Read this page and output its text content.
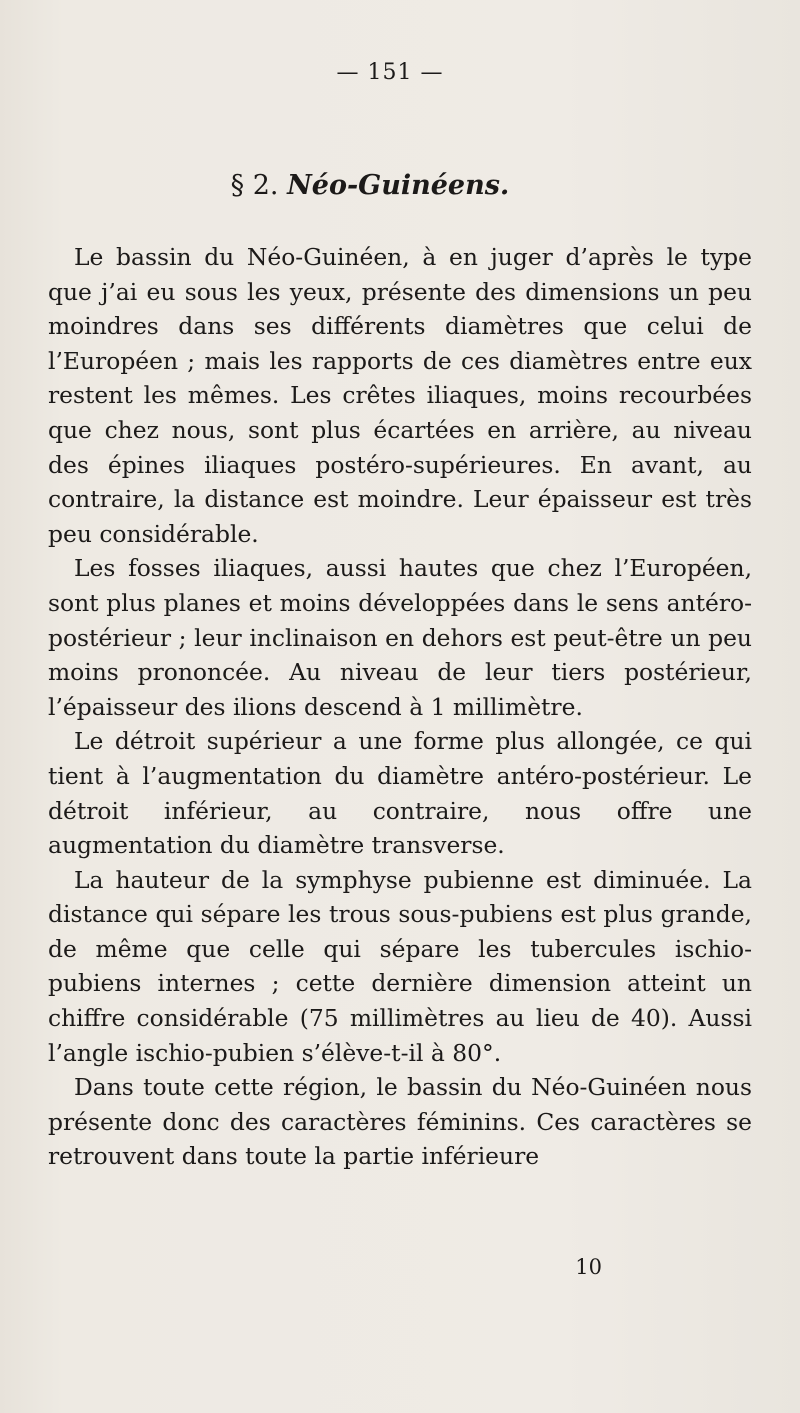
— 151 —
§ 2. Néo-Guinéens.

Le bassin du Néo-Guinéen, à en juger d’après le type que j’ai eu sous les yeux, présente des dimensions un peu moindres dans ses différents diamètres que celui de l’Européen ; mais les rapports de ces diamètres entre eux restent les mêmes. Les crêtes iliaques, moins recourbées que chez nous, sont plus écartées en arrière, au niveau des épines iliaques postéro-supérieures. En avant, au contraire, la distance est moindre. Leur épaisseur est très peu considérable.

Les fosses iliaques, aussi hautes que chez l’Européen, sont plus planes et moins développées dans le sens antéro-postérieur ; leur inclinaison en dehors est peut-être un peu moins prononcée. Au niveau de leur tiers postérieur, l’épaisseur des ilions descend à 1 millimètre.

Le détroit supérieur a une forme plus allongée, ce qui tient à l’augmentation du diamètre antéro-postérieur. Le détroit inférieur, au contraire, nous offre une augmentation du diamètre transverse.

La hauteur de la symphyse pubienne est diminuée. La distance qui sépare les trous sous-pubiens est plus grande, de même que celle qui sépare les tubercules ischio-pubiens internes ; cette dernière dimension atteint un chiffre considérable (75 millimètres au lieu de 40). Aussi l’angle ischio-pubien s’élève-t-il à 80°.

Dans toute cette région, le bassin du Néo-Guinéen nous présente donc des caractères féminins. Ces caractères se retrouvent dans toute la partie inférieure

10
